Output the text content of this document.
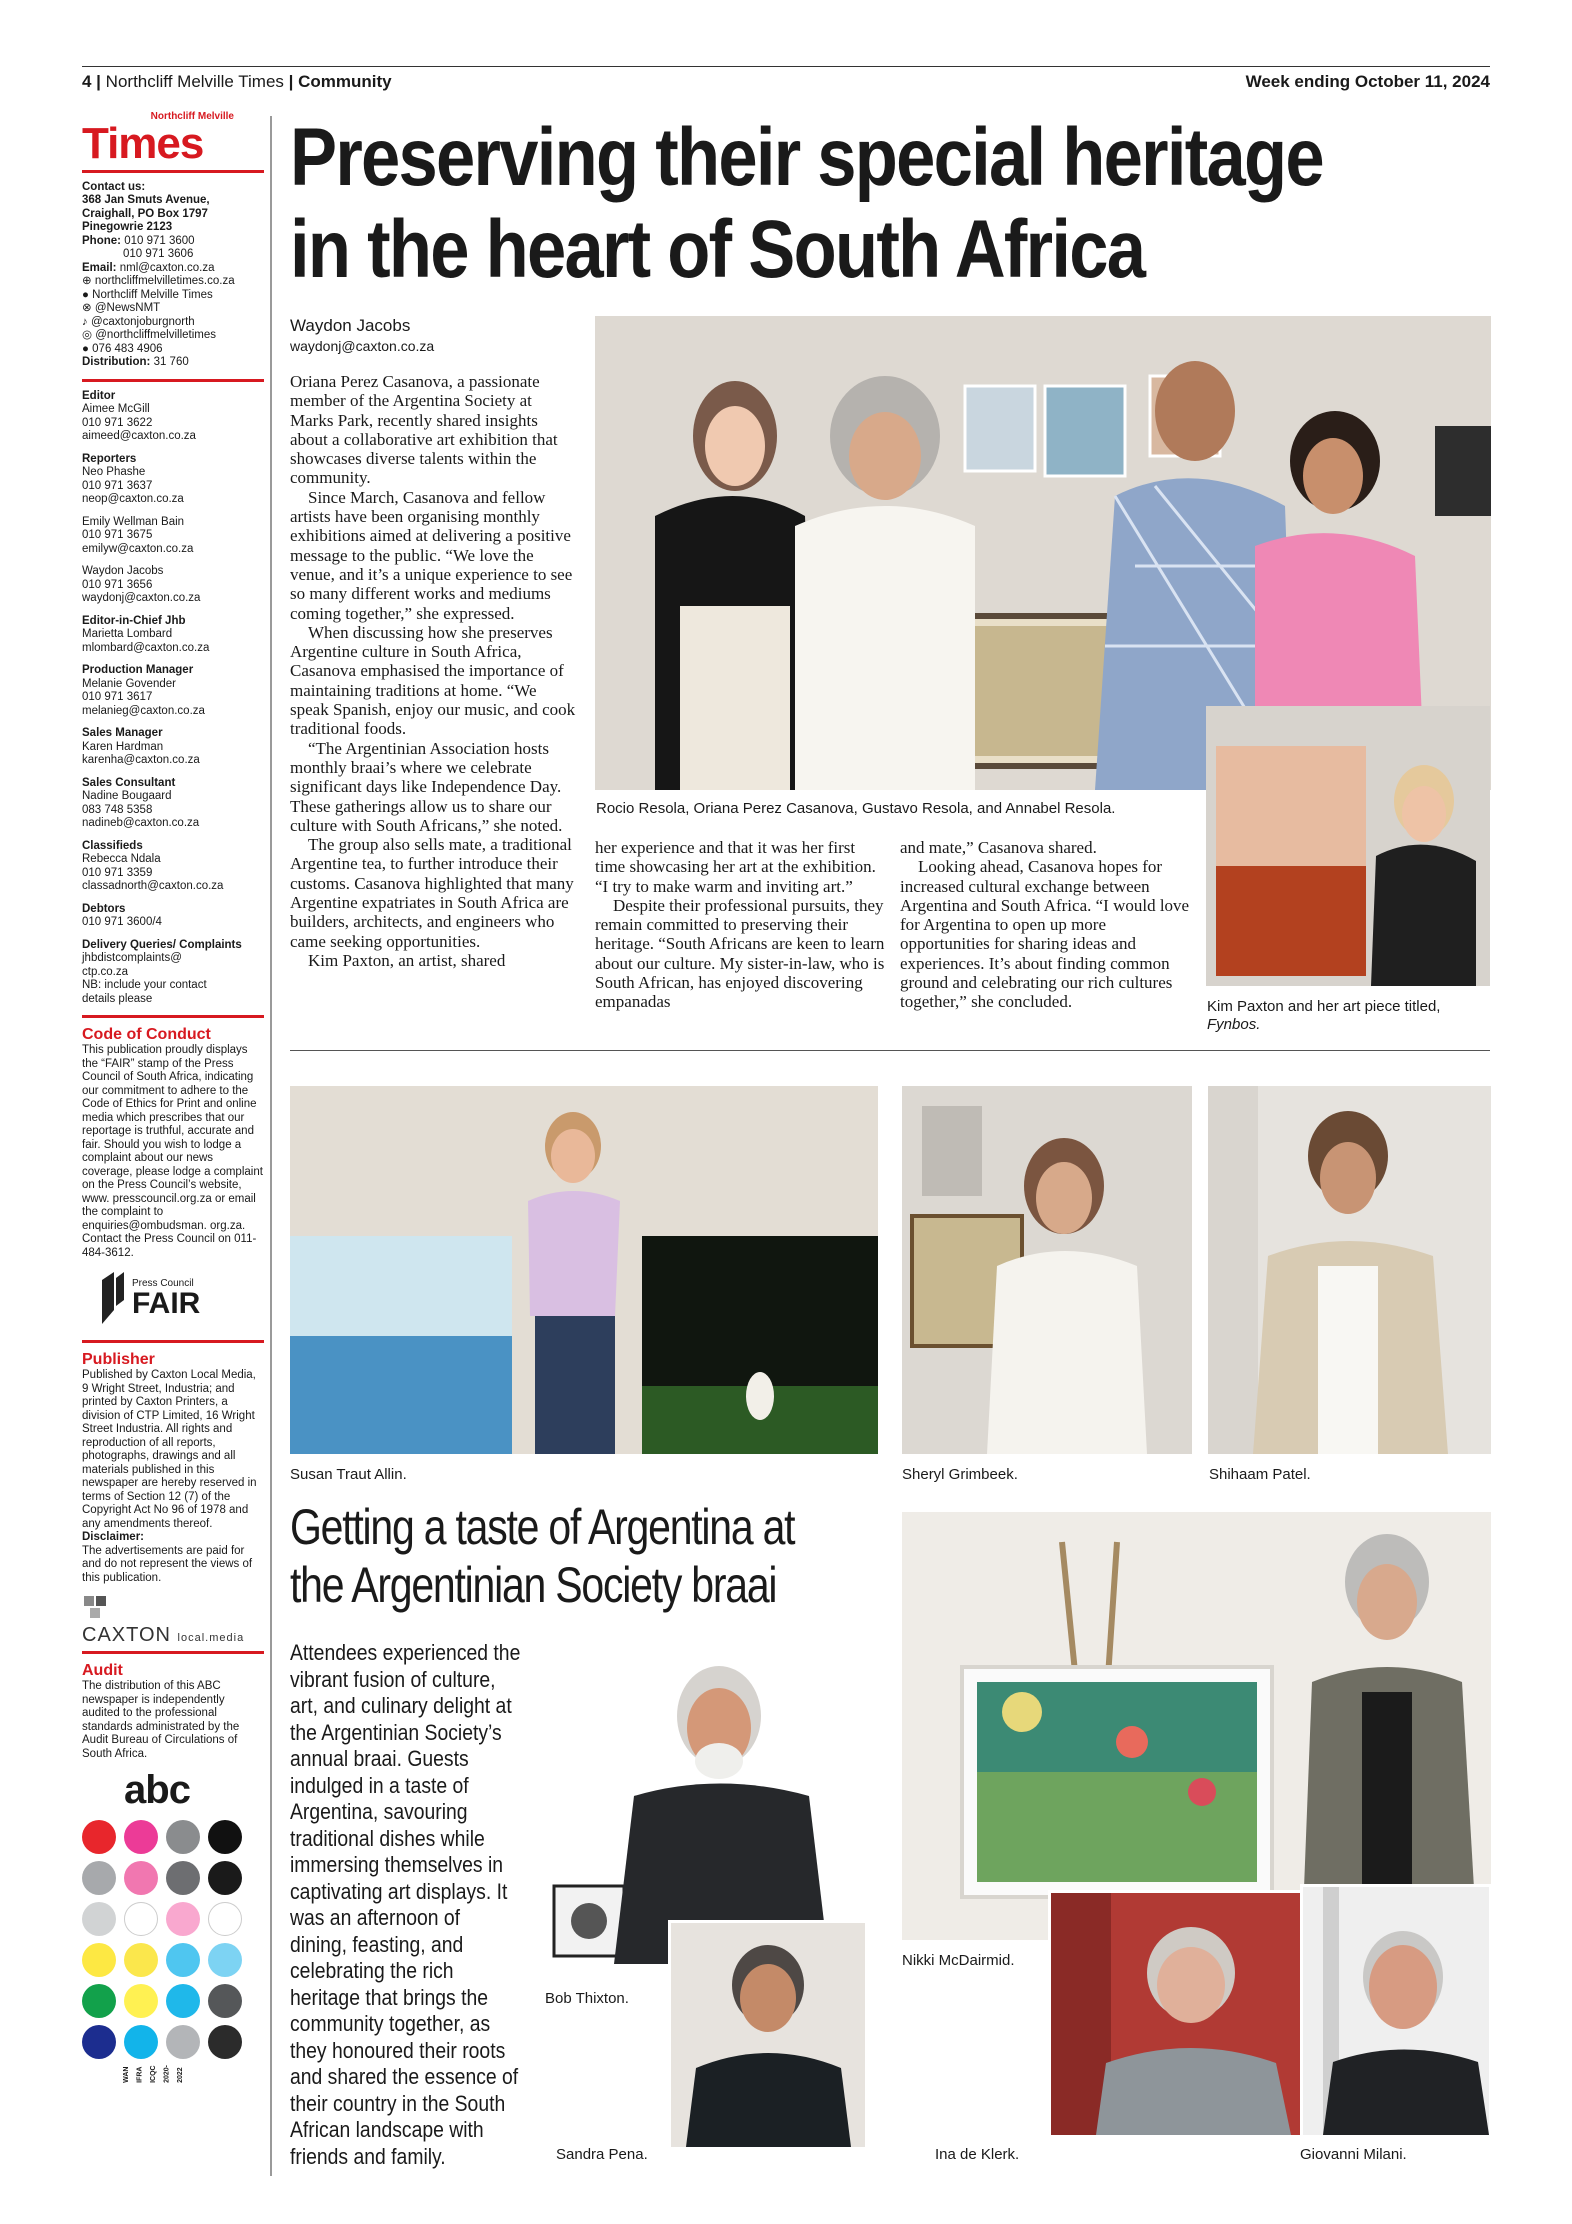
4 | Northcliff Melville Times | Community	Week ending October 11, 2024
Northcliff Melville
Times
Contact us:
368 Jan Smuts Avenue,
Craighall, PO Box 1797
Pinegowrie 2123
Phone: 010 971 3600
010 971 3606
Email: nml@caxton.co.za
⊕ northcliffmelvilletimes.co.za
● Northcliff Melville Times
⊗ @NewsNMT
♪ @caxtonjoburgnorth
◎ @northcliffmelvilletimes
● 076 483 4906
Distribution: 31 760
Editor
Aimee McGill
010 971 3622
aimeed@caxton.co.za
Reporters
Neo Phashe
010 971 3637
neop@caxton.co.za
Emily Wellman Bain
010 971 3675
emilyw@caxton.co.za
Waydon Jacobs
010 971 3656
waydonj@caxton.co.za
Editor-in-Chief Jhb
Marietta Lombard
mlombard@caxton.co.za
Production Manager
Melanie Govender
010 971 3617
melanieg@caxton.co.za
Sales Manager
Karen Hardman
karenha@caxton.co.za
Sales Consultant
Nadine Bougaard
083 748 5358
nadineb@caxton.co.za
Classifieds
Rebecca Ndala
010 971 3359
classadnorth@caxton.co.za
Debtors
010 971 3600/4
Delivery Queries/ Complaints
jhbdistcomplaints@
ctp.co.za
NB: include your contact
details please
Code of Conduct
This publication proudly displays the “FAIR” stamp of the Press Council of South Africa, indicating our commitment to adhere to the Code of Ethics for Print and online media which prescribes that our reportage is truthful, accurate and fair. Should you wish to lodge a complaint about our news coverage, please lodge a complaint on the Press Council’s website, www. presscouncil.org.za or email the complaint to enquiries@ombudsman. org.za. Contact the Press Council on 011-484-3612.
Press Council
FAIR
Publisher
Published by Caxton Local Media, 9 Wright Street, Industria; and printed by Caxton Printers, a division of CTP Limited, 16 Wright Street Industria. All rights and reproduction of all reports, photographs, drawings and all materials published in this newspaper are hereby reserved in terms of Section 12 (7) of the Copyright Act No 96 of 1978 and any amendments thereof.
Disclaimer:
The advertisements are paid for and do not represent the views of this publication.
CAXTON local.media
Audit
The distribution of this ABC newspaper is independently audited to the professional standards administrated by the Audit Bureau of Circulations of South Africa.
abc
WAN IFRA ICQC 2020-2022
Preserving their special heritage
in the heart of South Africa
Waydon Jacobs
waydonj@caxton.co.za

Oriana Perez Casanova, a passionate member of the Argentina Society at Marks Park, recently shared insights about a collaborative art exhibition that showcases diverse talents within the community.

Since March, Casanova and fellow artists have been organising monthly exhibitions aimed at delivering a positive message to the public. “We love the venue, and it’s a unique experience to see so many different works and mediums coming together,” she expressed.

When discussing how she preserves Argentine culture in South Africa, Casanova emphasised the importance of maintaining traditions at home. “We speak Spanish, enjoy our music, and cook traditional foods.

“The Argentinian Association hosts monthly braai’s where we celebrate significant days like Independence Day. These gatherings allow us to share our culture with South Africans,” she noted.

The group also sells mate, a traditional Argentine tea, to further introduce their customs. Casanova highlighted that many Argentine expatriates in South Africa are builders, architects, and engineers who came seeking opportunities.

Kim Paxton, an artist, shared

Rocio Resola, Oriana Perez Casanova, Gustavo Resola, and Annabel Resola.
Kim Paxton and her art piece titled,
Fynbos.

her experience and that it was her first time showcasing her art at the exhibition. “I try to make warm and inviting art.”

Despite their professional pursuits, they remain committed to preserving their heritage. “South Africans are keen to learn about our culture. My sister-in-law, who is South African, has enjoyed discovering empanadas

and mate,” Casanova shared.

Looking ahead, Casanova hopes for increased cultural exchange between Argentina and South Africa. “I would love for Argentina to open up more opportunities for sharing ideas and experiences. It’s about finding common ground and celebrating our rich cultures together,” she concluded.

Susan Traut Allin.	Sheryl Grimbeek.	Shihaam Patel.
Getting a taste of Argentina at
the Argentinian Society braai
Attendees experienced the vibrant fusion of culture, art, and culinary delight at the Argentinian Society’s annual braai. Guests indulged in a taste of Argentina, savouring traditional dishes while immersing themselves in captivating art displays. It was an afternoon of dining, feasting, and celebrating the rich heritage that brings the community together, as they honoured their roots and shared the essence of their country in the South African landscape with friends and family.
Bob Thixton.
Nikki McDairmid.
Sandra Pena.	Ina de Klerk.	Giovanni Milani.
